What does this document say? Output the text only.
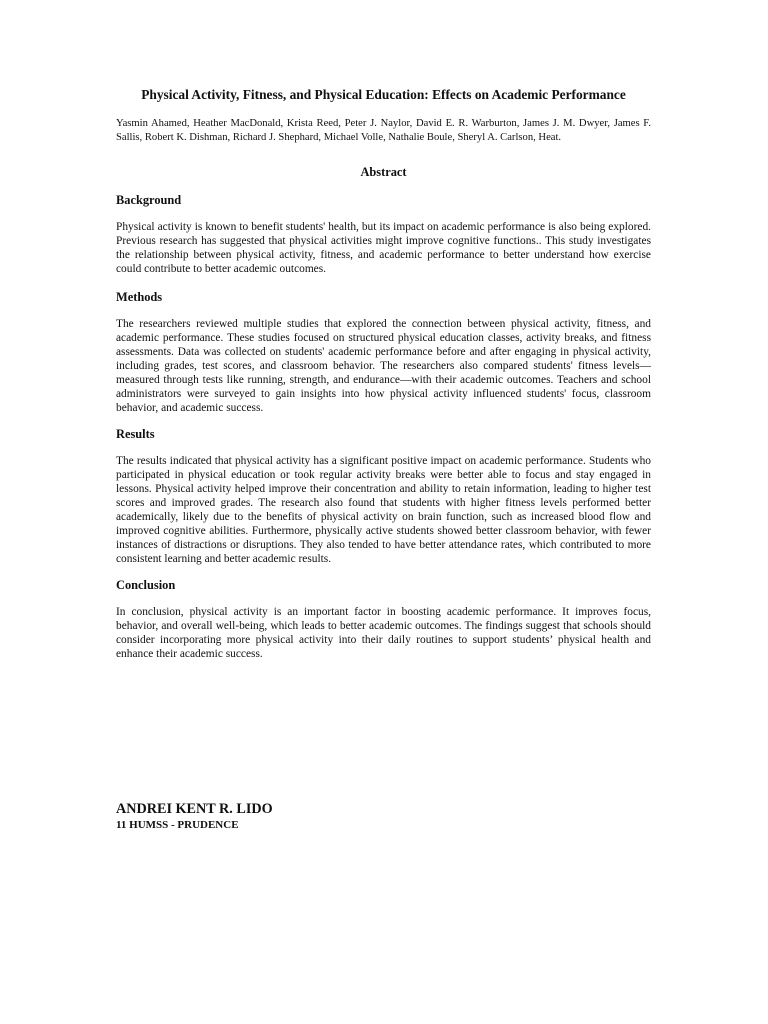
Physical Activity, Fitness, and Physical Education: Effects on Academic Performance

Yasmin Ahamed, Heather MacDonald, Krista Reed, Peter J. Naylor, David E. R. Warburton, James J. M. Dwyer, James F. Sallis, Robert K. Dishman, Richard J. Shephard, Michael Volle, Nathalie Boule, Sheryl A. Carlson, Heat.

Abstract
Background

Physical activity is known to benefit students' health, but its impact on academic performance is also being explored. Previous research has suggested that physical activities might improve cognitive functions.. This study investigates the relationship between physical activity, fitness, and academic performance to better understand how exercise could contribute to better academic outcomes.

Methods

The researchers reviewed multiple studies that explored the connection between physical activity, fitness, and academic performance. These studies focused on structured physical education classes, activity breaks, and fitness assessments. Data was collected on students' academic performance before and after engaging in physical activity, including grades, test scores, and classroom behavior. The researchers also compared students' fitness levels—measured through tests like running, strength, and endurance—with their academic outcomes. Teachers and school administrators were surveyed to gain insights into how physical activity influenced students' focus, classroom behavior, and academic success.

Results

The results indicated that physical activity has a significant positive impact on academic performance. Students who participated in physical education or took regular activity breaks were better able to focus and stay engaged in lessons. Physical activity helped improve their concentration and ability to retain information, leading to higher test scores and improved grades. The research also found that students with higher fitness levels performed better academically, likely due to the benefits of physical activity on brain function, such as increased blood flow and improved cognitive abilities. Furthermore, physically active students showed better classroom behavior, with fewer instances of distractions or disruptions. They also tended to have better attendance rates, which contributed to more consistent learning and better academic results.

Conclusion

In conclusion, physical activity is an important factor in boosting academic performance. It improves focus, behavior, and overall well-being, which leads to better academic outcomes. The findings suggest that schools should consider incorporating more physical activity into their daily routines to support students’ physical health and enhance their academic success.

ANDREI KENT R. LIDO

11 HUMSS - PRUDENCE
